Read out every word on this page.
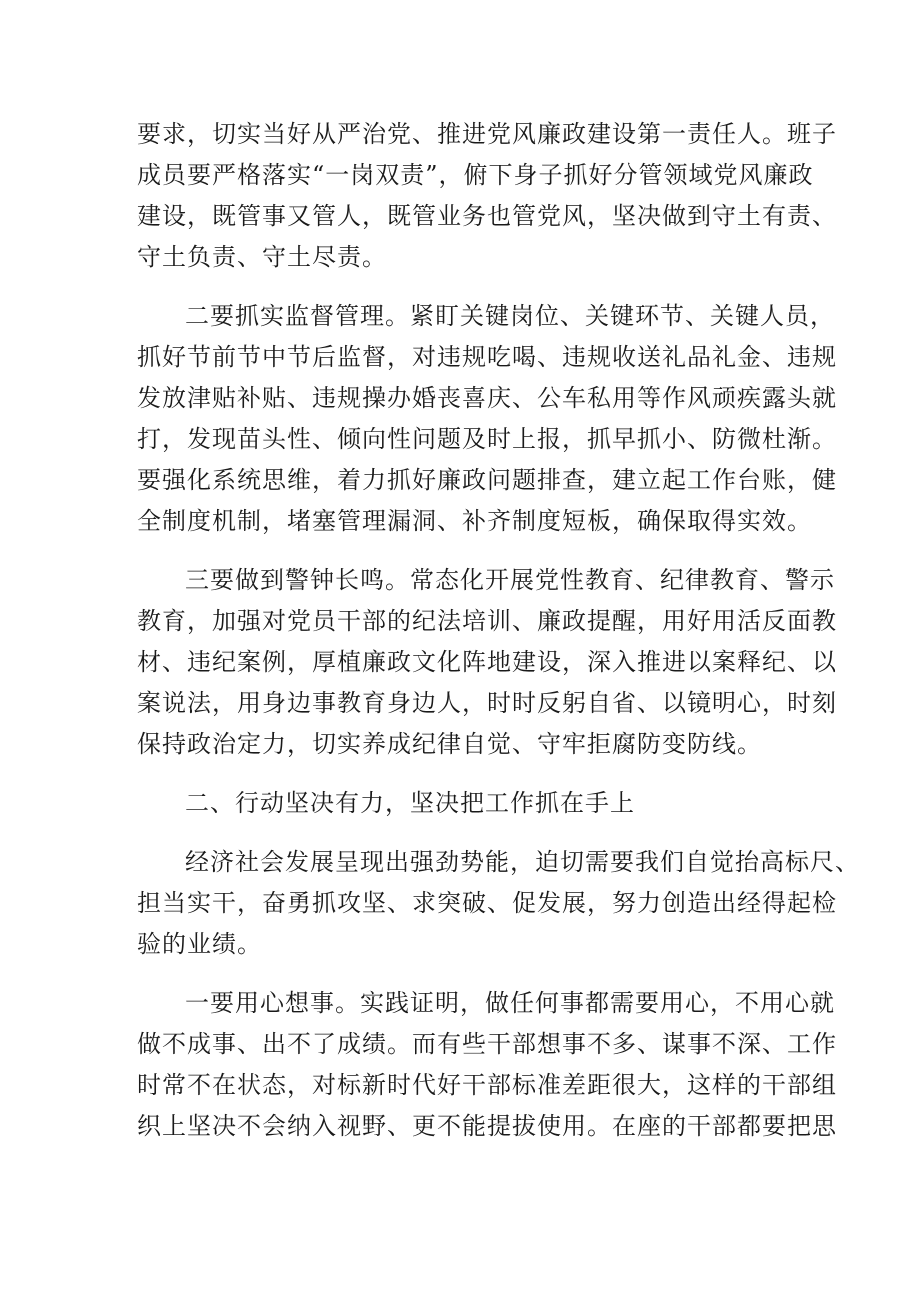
要求，切实当好从严治党、推进党风廉政建设第一责任人。班子
成员要严格落实“一岗双责”，俯下身子抓好分管领域党风廉政
建设，既管事又管人，既管业务也管党风，坚决做到守土有责、
守土负责、守土尽责。
二要抓实监督管理。紧盯关键岗位、关键环节、关键人员，
抓好节前节中节后监督，对违规吃喝、违规收送礼品礼金、违规
发放津贴补贴、违规操办婚丧喜庆、公车私用等作风顽疾露头就
打，发现苗头性、倾向性问题及时上报，抓早抓小、防微杜渐。
要强化系统思维，着力抓好廉政问题排查，建立起工作台账，健
全制度机制，堵塞管理漏洞、补齐制度短板，确保取得实效。
三要做到警钟长鸣。常态化开展党性教育、纪律教育、警示
教育，加强对党员干部的纪法培训、廉政提醒，用好用活反面教
材、违纪案例，厚植廉政文化阵地建设，深入推进以案释纪、以
案说法，用身边事教育身边人，时时反躬自省、以镜明心，时刻
保持政治定力，切实养成纪律自觉、守牢拒腐防变防线。
二、行动坚决有力，坚决把工作抓在手上
经济社会发展呈现出强劲势能，迫切需要我们自觉抬高标尺、
担当实干，奋勇抓攻坚、求突破、促发展，努力创造出经得起检
验的业绩。
一要用心想事。实践证明，做任何事都需要用心，不用心就
做不成事、出不了成绩。而有些干部想事不多、谋事不深、工作
时常不在状态，对标新时代好干部标准差距很大，这样的干部组
织上坚决不会纳入视野、更不能提拔使用。在座的干部都要把思
